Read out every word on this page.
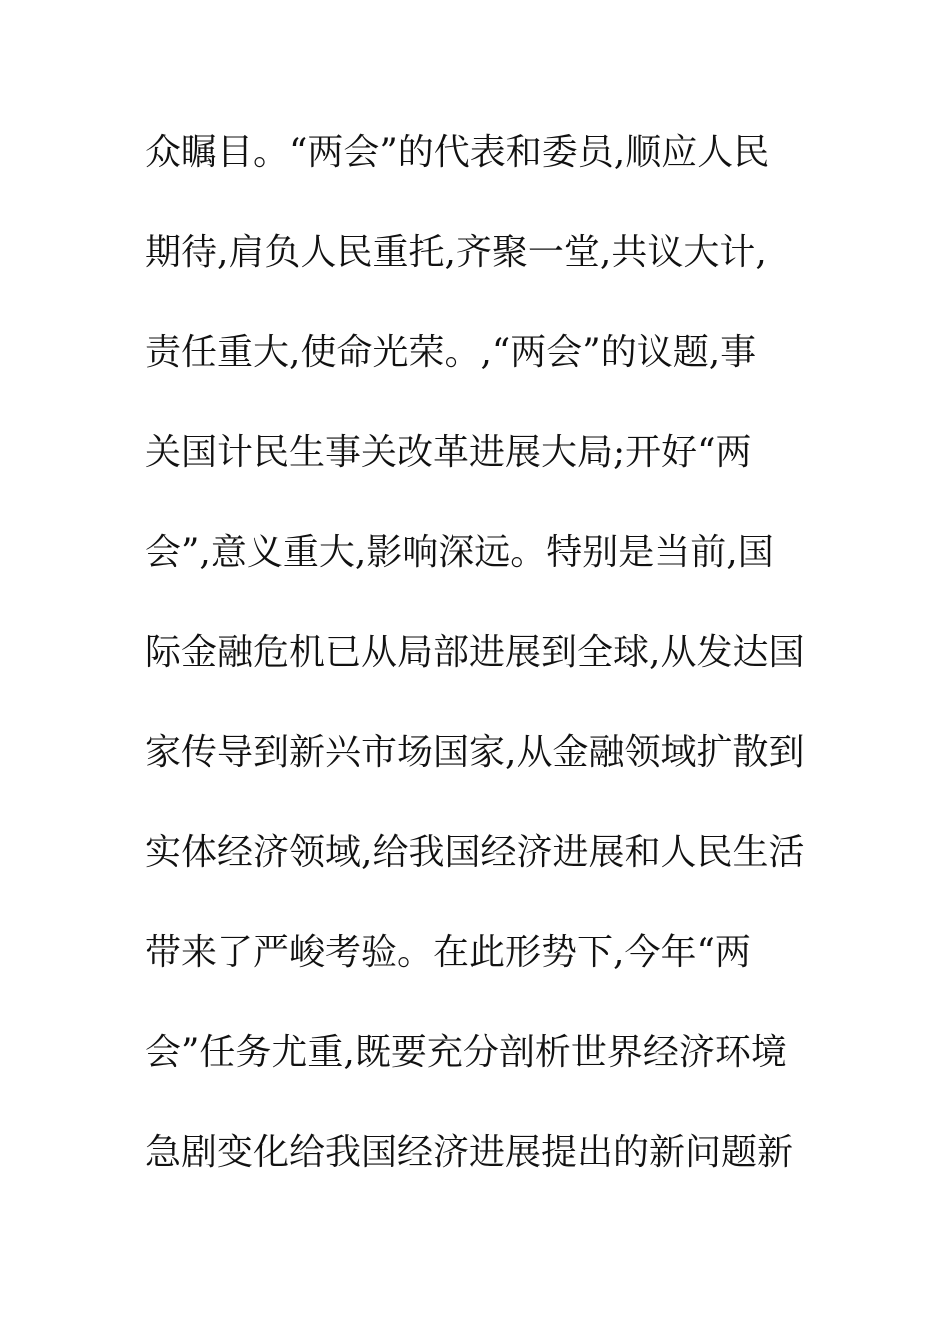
众瞩目。“两会”的代表和委员,顺应人民
期待,肩负人民重托,齐聚一堂,共议大计,
责任重大,使命光荣。,“两会”的议题,事
关国计民生事关改革进展大局;开好“两
会”,意义重大,影响深远。特别是当前,国
际金融危机已从局部进展到全球,从发达国
家传导到新兴市场国家,从金融领域扩散到
实体经济领域,给我国经济进展和人民生活
带来了严峻考验。在此形势下,今年“两
会”任务尤重,既要充分剖析世界经济环境
急剧变化给我国经济进展提出的新问题新
